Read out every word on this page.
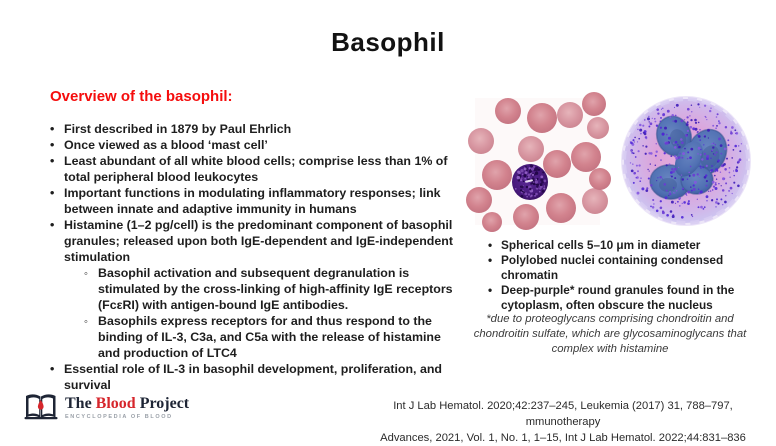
Basophil
Overview of the basophil:
•
First described in 1879 by Paul Ehrlich
•
Once viewed as a blood ‘mast cell’
•
Least abundant of all white blood cells; comprise less than 1% of total peripheral blood leukocytes
•
Important functions in modulating inflammatory responses; link between innate and adaptive immunity in humans
•
Histamine (1–2 pg/cell) is the predominant component of basophil granules; released upon both IgE-dependent and IgE-independent stimulation
◦
Basophil activation and subsequent degranulation is stimulated by the cross-linking of high-affinity IgE receptors (FcεRI) with antigen-bound IgE antibodies.
◦
Basophils express receptors for and thus respond to the binding of IL-3, C3a, and C5a with the release of histamine and production of LTC4
•
Essential role of IL-3 in basophil development, proliferation, and survival
•
Spherical cells 5–10 μm in diameter
•
Polylobed nuclei containing condensed chromatin
•
Deep-purple* round granules found in the cytoplasm, often obscure the nucleus
*due to proteoglycans comprising chondroitin and
chondroitin sulfate, which are glycosaminoglycans that
complex with histamine
The Blood Project
ENCYCLOPEDIA OF BLOOD
Int J Lab Hematol. 2020;42:237–245, Leukemia (2017) 31, 788–797, mmunotherapy
Advances, 2021, Vol. 1, No. 1, 1–15, Int J Lab Hematol. 2022;44:831–836
